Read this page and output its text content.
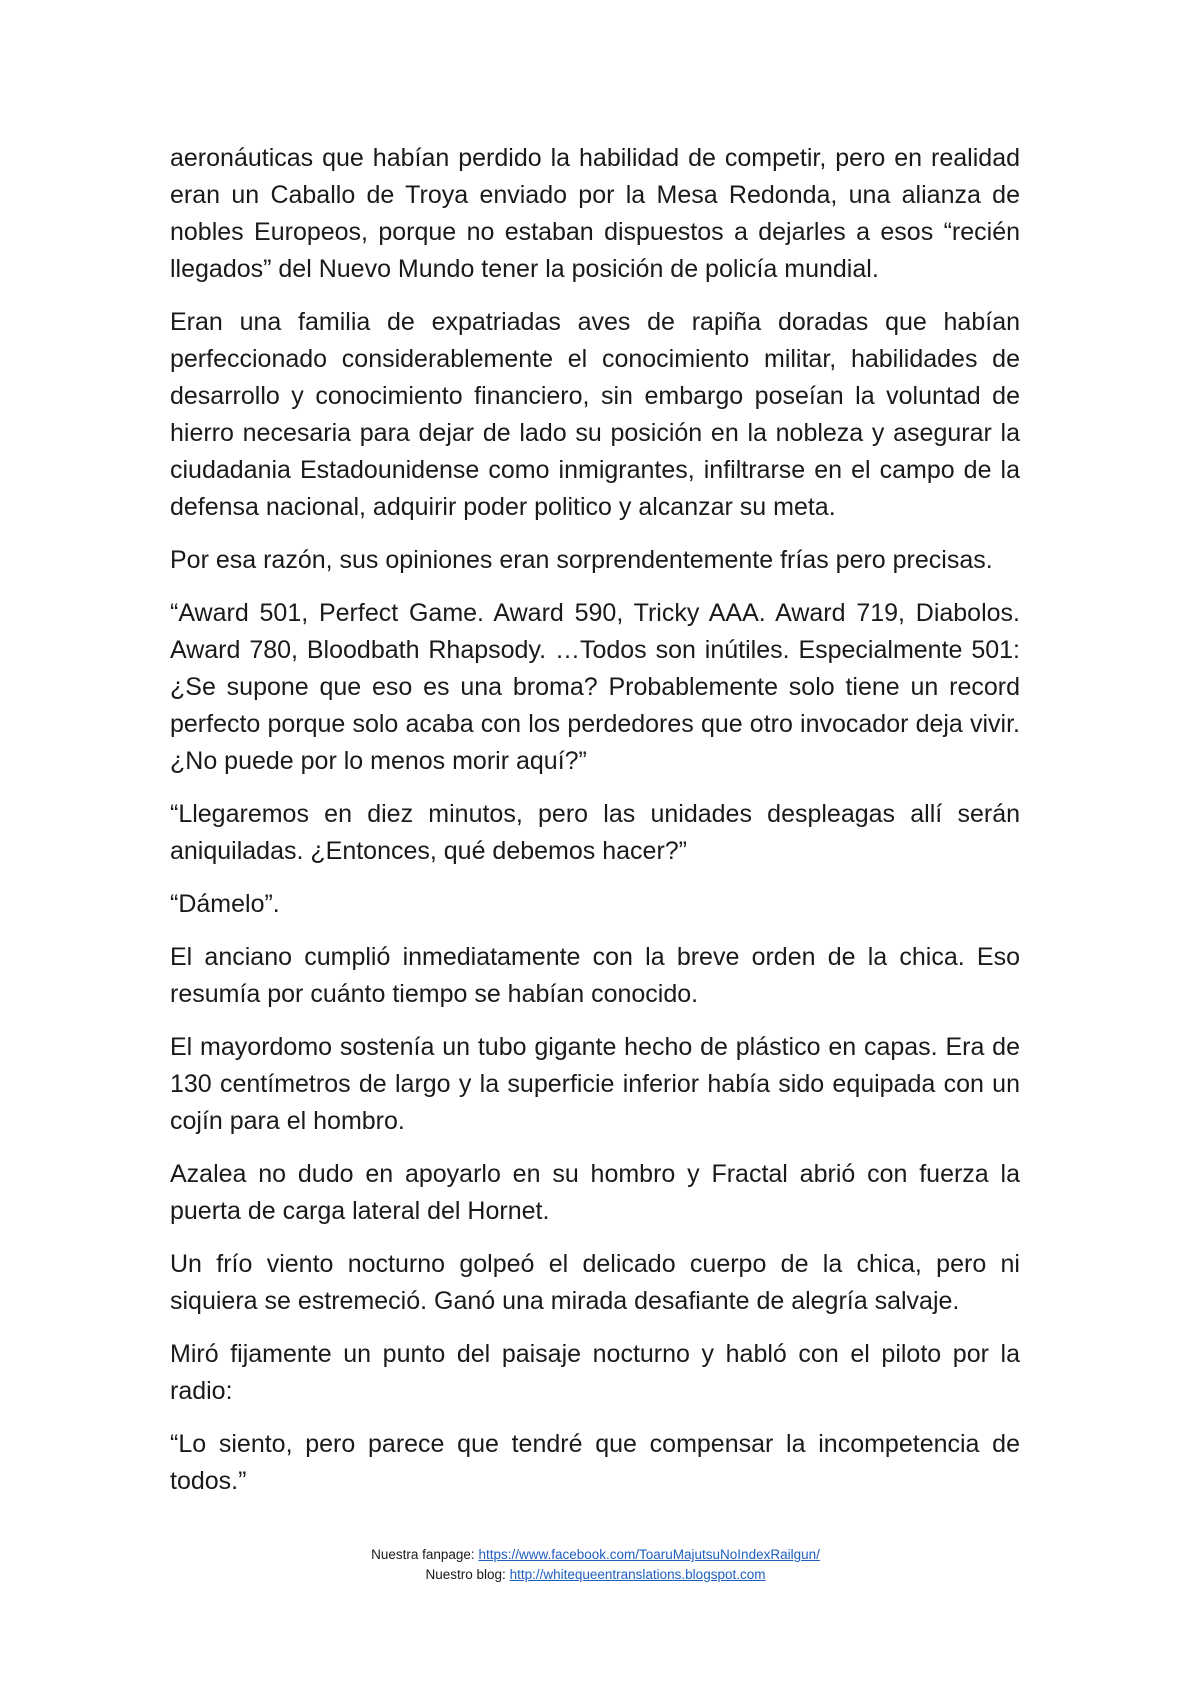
aeronáuticas que habían perdido la habilidad de competir, pero en realidad eran un Caballo de Troya enviado por la Mesa Redonda, una alianza de nobles Europeos, porque no estaban dispuestos a dejarles a esos “recién llegados” del Nuevo Mundo tener la posición de policía mundial.

Eran una familia de expatriadas aves de rapiña doradas que habían perfeccionado considerablemente el conocimiento militar, habilidades de desarrollo y conocimiento financiero, sin embargo poseían la voluntad de hierro necesaria para dejar de lado su posición en la nobleza y asegurar la ciudadania Estadounidense como inmigrantes, infiltrarse en el campo de la defensa nacional, adquirir poder politico y alcanzar su meta.

Por esa razón, sus opiniones eran sorprendentemente frías pero precisas.

“Award 501, Perfect Game. Award 590, Tricky AAA. Award 719, Diabolos. Award 780, Bloodbath Rhapsody. …Todos son inútiles. Especialmente 501: ¿Se supone que eso es una broma? Probablemente solo tiene un record perfecto porque solo acaba con los perdedores que otro invocador deja vivir. ¿No puede por lo menos morir aquí?”

“Llegaremos en diez minutos, pero las unidades despleagas allí serán aniquiladas. ¿Entonces, qué debemos hacer?”

“Dámelo”.

El anciano cumplió inmediatamente con la breve orden de la chica. Eso resumía por cuánto tiempo se habían conocido.

El mayordomo sostenía un tubo gigante hecho de plástico en capas. Era de 130 centímetros de largo y la superficie inferior había sido equipada con un cojín para el hombro.

Azalea no dudo en apoyarlo en su hombro y Fractal abrió con fuerza la puerta de carga lateral del Hornet.

Un frío viento nocturno golpeó el delicado cuerpo de la chica, pero ni siquiera se estremeció. Ganó una mirada desafiante de alegría salvaje.

Miró fijamente un punto del paisaje nocturno y habló con el piloto por la radio:

“Lo siento, pero parece que tendré que compensar la incompetencia de todos.”

Nuestra fanpage: https://www.facebook.com/ToaruMajutsuNoIndexRailgun/
Nuestro blog: http://whitequeentranslations.blogspot.com
